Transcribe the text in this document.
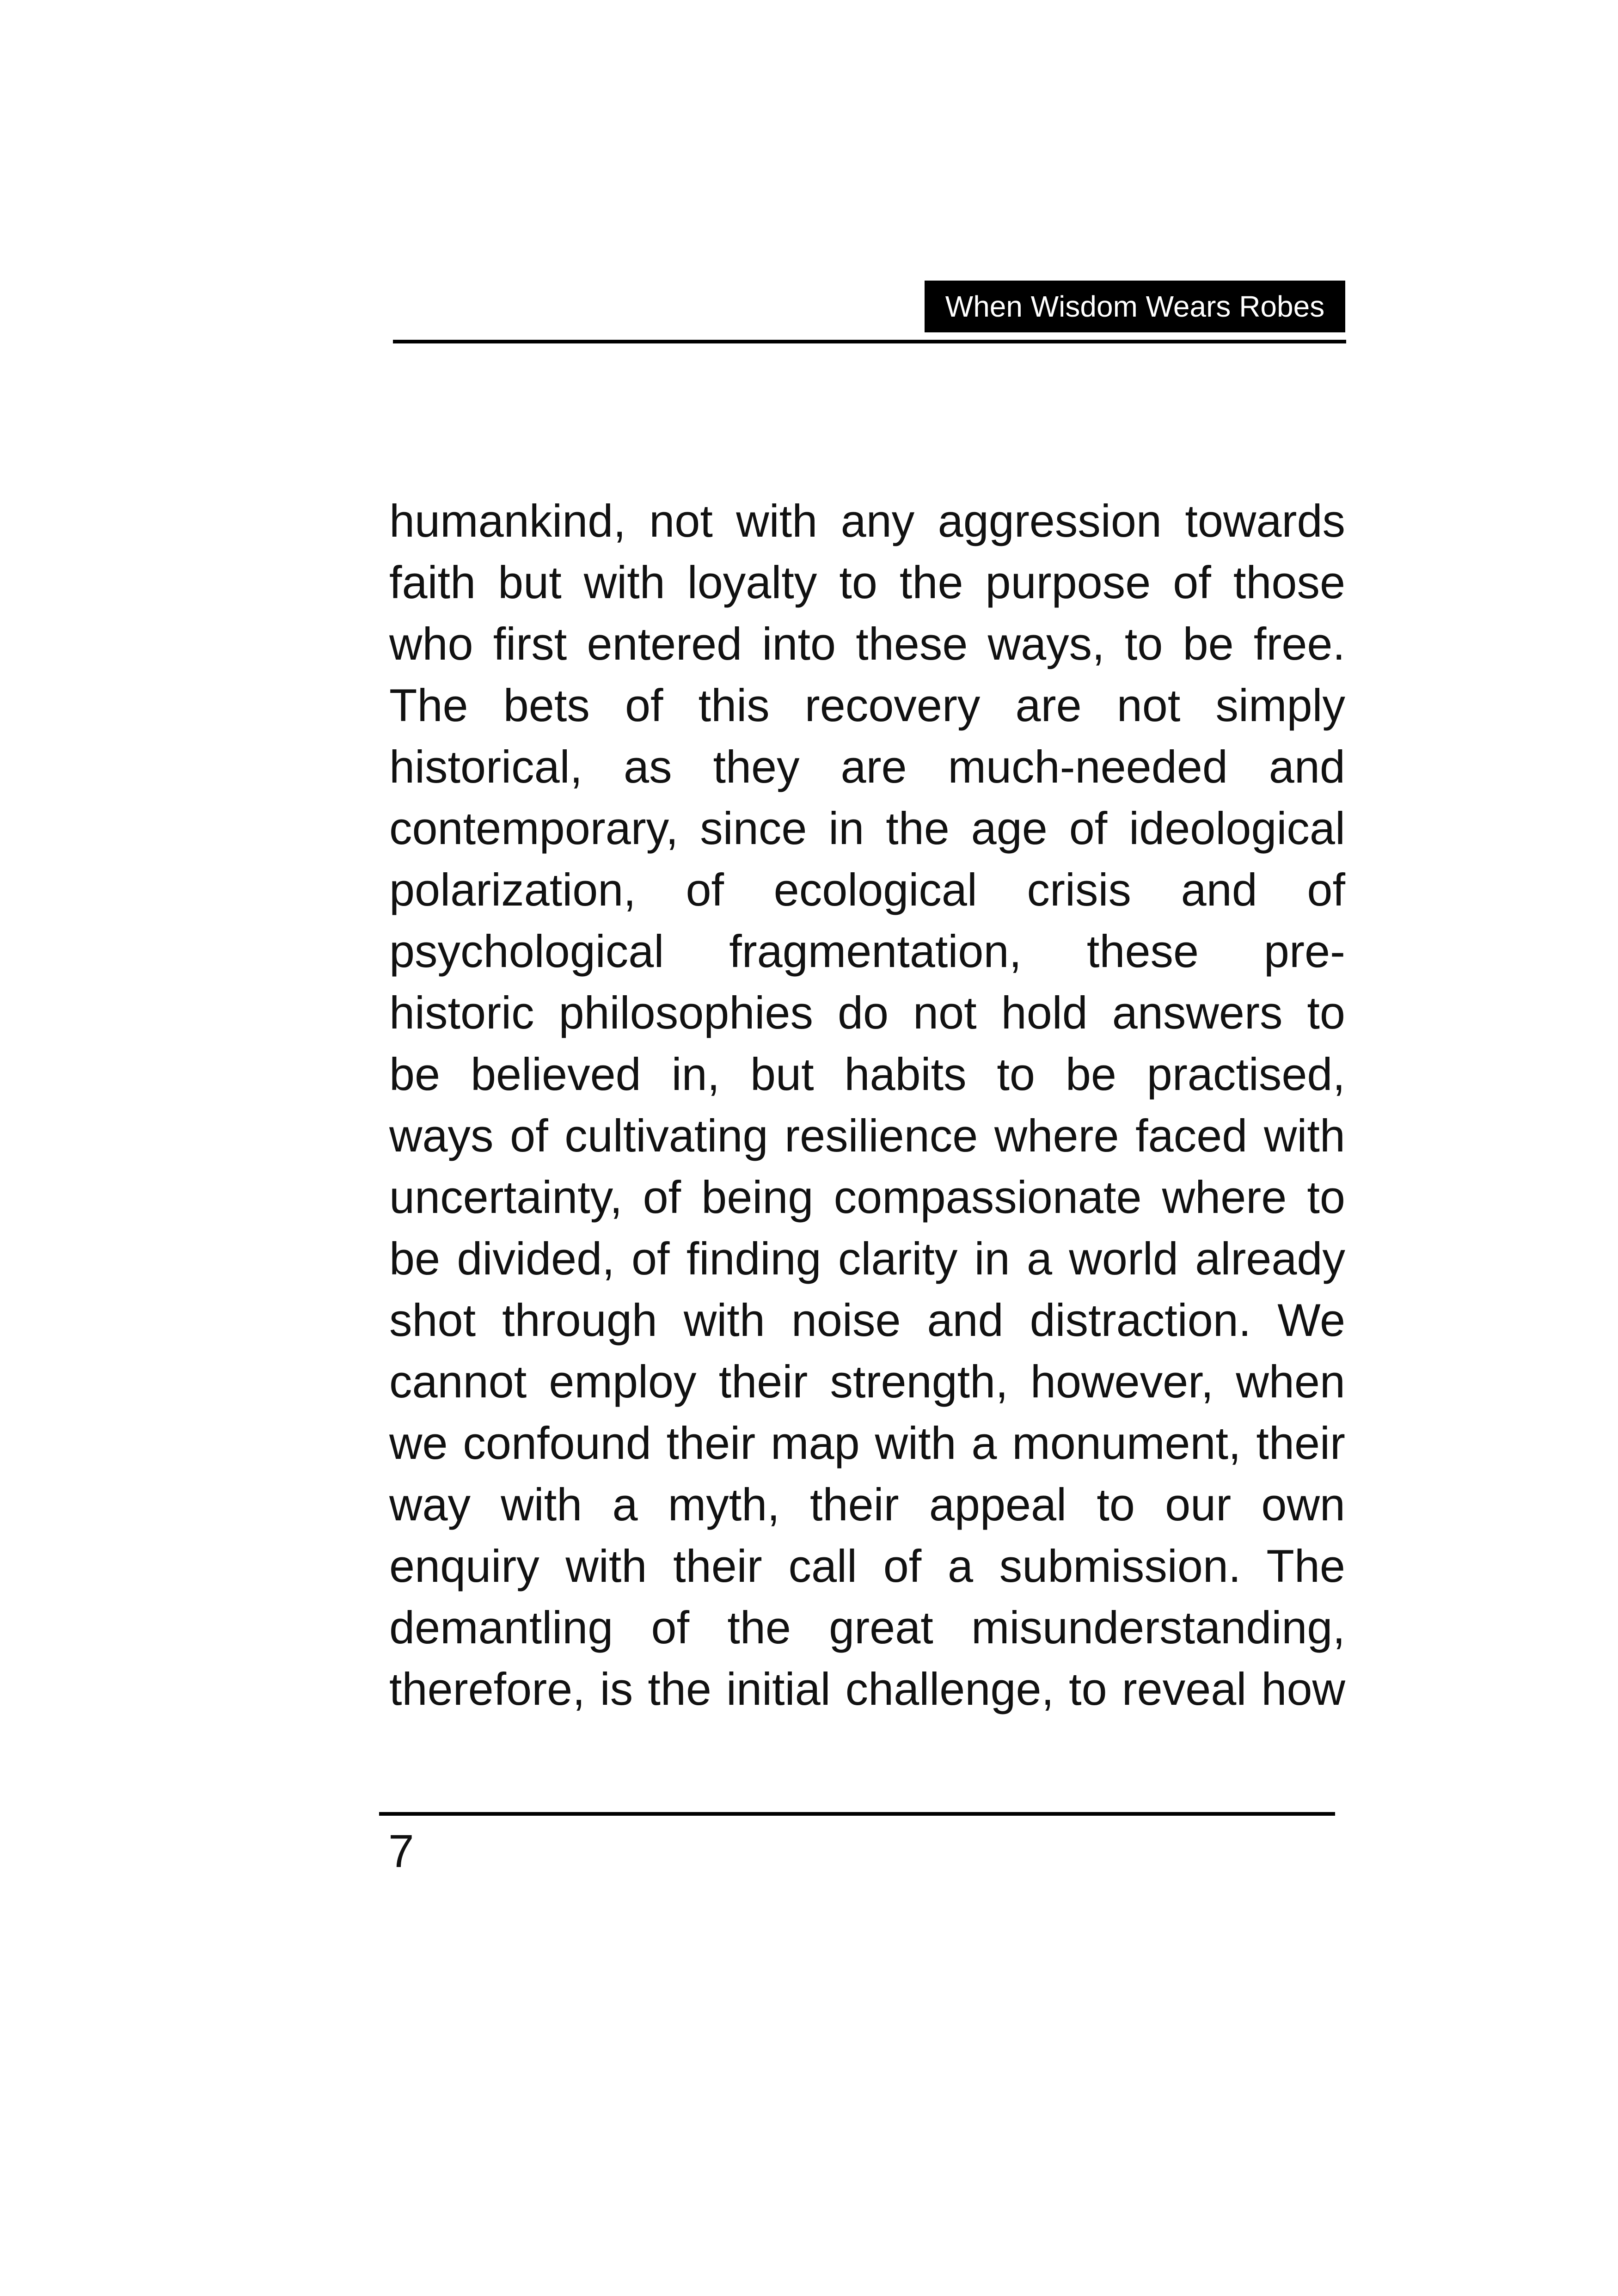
When Wisdom Wears Robes
humankind, not with any aggression towards
faith but with loyalty to the purpose of those
who first entered into these ways, to be free.
The bets of this recovery are not simply
historical, as they are much-needed and
contemporary, since in the age of ideological
polarization, of ecological crisis and of
psychological fragmentation, these pre-
historic philosophies do not hold answers to
be believed in, but habits to be practised,
ways of cultivating resilience where faced with
uncertainty, of being compassionate where to
be divided, of finding clarity in a world already
shot through with noise and distraction. We
cannot employ their strength, however, when
we confound their map with a monument, their
way with a myth, their appeal to our own
enquiry with their call of a submission. The
demantling of the great misunderstanding,
therefore, is the initial challenge, to reveal how
7
